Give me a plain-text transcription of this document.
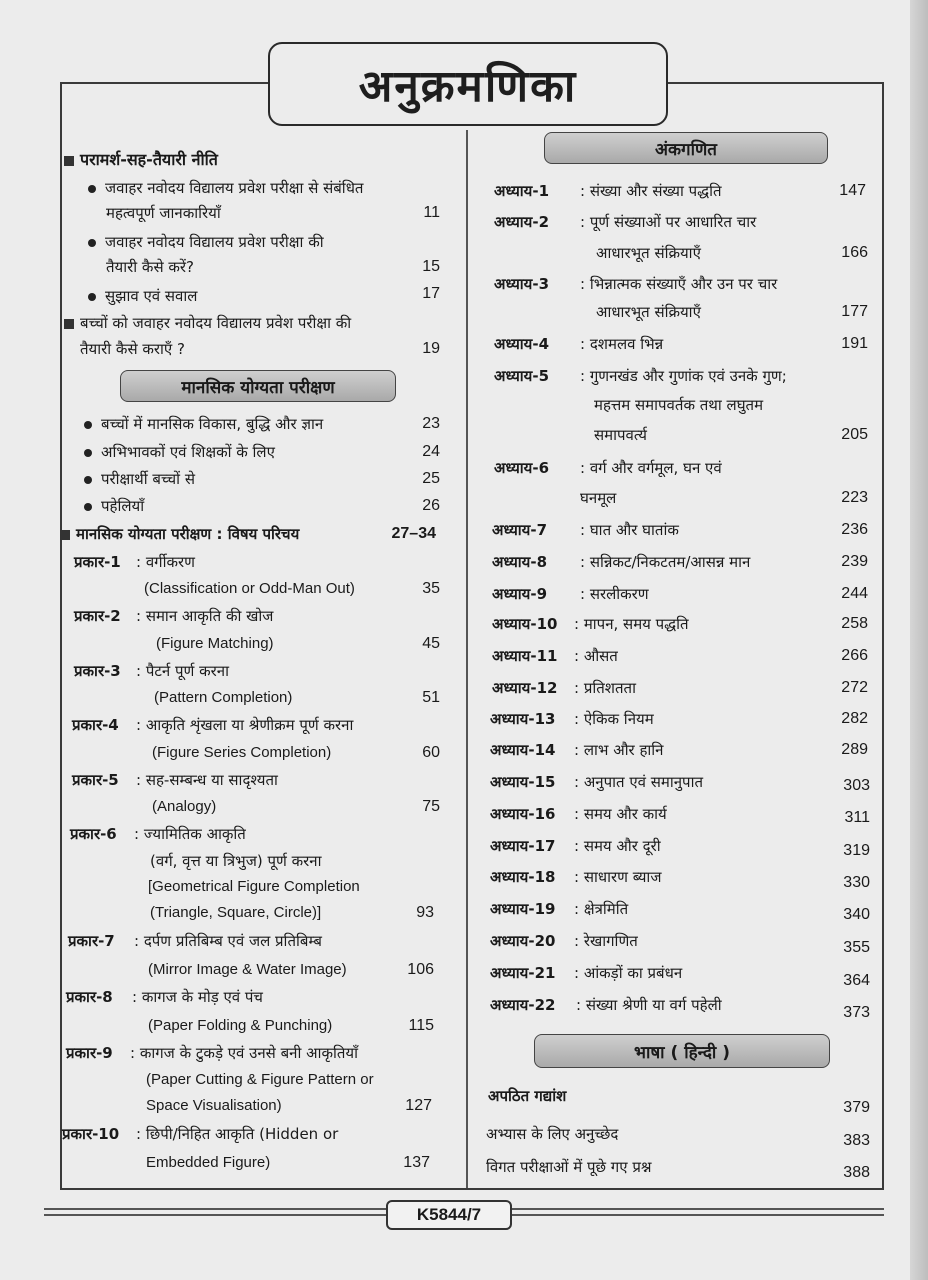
अनुक्रमणिका
परामर्श-सह-तैयारी नीति
जवाहर नवोदय विद्यालय प्रवेश परीक्षा से संबंधित
महत्वपूर्ण जानकारियाँ	11
जवाहर नवोदय विद्यालय प्रवेश परीक्षा की
तैयारी कैसे करें?	15
सुझाव एवं सवाल	17
बच्चों को जवाहर नवोदय विद्यालय प्रवेश परीक्षा की
तैयारी कैसे कराएँ ?	19
मानसिक योग्यता परीक्षण
बच्चों में मानसिक विकास, बुद्धि और ज्ञान	23
अभिभावकों एवं शिक्षकों के लिए	24
परीक्षार्थी बच्चों से	25
पहेलियाँ	26
मानसिक योग्यता परीक्षण : विषय परिचय	27–34
प्रकार-1 : वर्गीकरण
(Classification or Odd-Man Out)	35
प्रकार-2 : समान आकृति की खोज
(Figure Matching)	45
प्रकार-3 : पैटर्न पूर्ण करना
(Pattern Completion)	51
प्रकार-4 : आकृति शृंखला या श्रेणीक्रम पूर्ण करना
(Figure Series Completion)	60
प्रकार-5 : सह-सम्बन्ध या सादृश्यता
(Analogy)	75
प्रकार-6 : ज्यामितिक आकृति
(वर्ग, वृत्त या त्रिभुज) पूर्ण करना
[Geometrical Figure Completion
(Triangle, Square, Circle)]	93
प्रकार-7 : दर्पण प्रतिबिम्ब एवं जल प्रतिबिम्ब
(Mirror Image & Water Image)	106
प्रकार-8 : कागज के मोड़ एवं पंच
(Paper Folding & Punching)	115
प्रकार-9 : कागज के टुकड़े एवं उनसे बनी आकृतियाँ
(Paper Cutting & Figure Pattern or
Space Visualisation)	127
प्रकार-10 : छिपी/निहित आकृति (Hidden or
Embedded Figure)	137
अंकगणित
अध्याय-1 : संख्या और संख्या पद्धति	147
अध्याय-2 : पूर्ण संख्याओं पर आधारित चार
आधारभूत संक्रियाएँ	166
अध्याय-3 : भिन्नात्मक संख्याएँ और उन पर चार
आधारभूत संक्रियाएँ	177
अध्याय-4 : दशमलव भिन्न	191
अध्याय-5 : गुणनखंड और गुणांक एवं उनके गुण;
महत्तम समापवर्तक तथा लघुतम
समापवर्त्य	205
अध्याय-6 : वर्ग और वर्गमूल, घन एवं
घनमूल	223
अध्याय-7 : घात और घातांक	236
अध्याय-8 : सन्निकट/निकटतम/आसन्न मान	239
अध्याय-9 : सरलीकरण	244
अध्याय-10 : मापन, समय पद्धति	258
अध्याय-11 : औसत	266
अध्याय-12 : प्रतिशतता	272
अध्याय-13 : ऐकिक नियम	282
अध्याय-14 : लाभ और हानि	289
अध्याय-15 : अनुपात एवं समानुपात	303
अध्याय-16 : समय और कार्य	311
अध्याय-17 : समय और दूरी	319
अध्याय-18 : साधारण ब्याज	330
अध्याय-19 : क्षेत्रमिति	340
अध्याय-20 : रेखागणित	355
अध्याय-21 : आंकड़ों का प्रबंधन	364
अध्याय-22 : संख्या श्रेणी या वर्ग पहेली	373
भाषा ( हिन्दी )
अपठित गद्यांश
379
अभ्यास के लिए अनुच्छेद	383
विगत परीक्षाओं में पूछे गए प्रश्न	388
K5844/7
